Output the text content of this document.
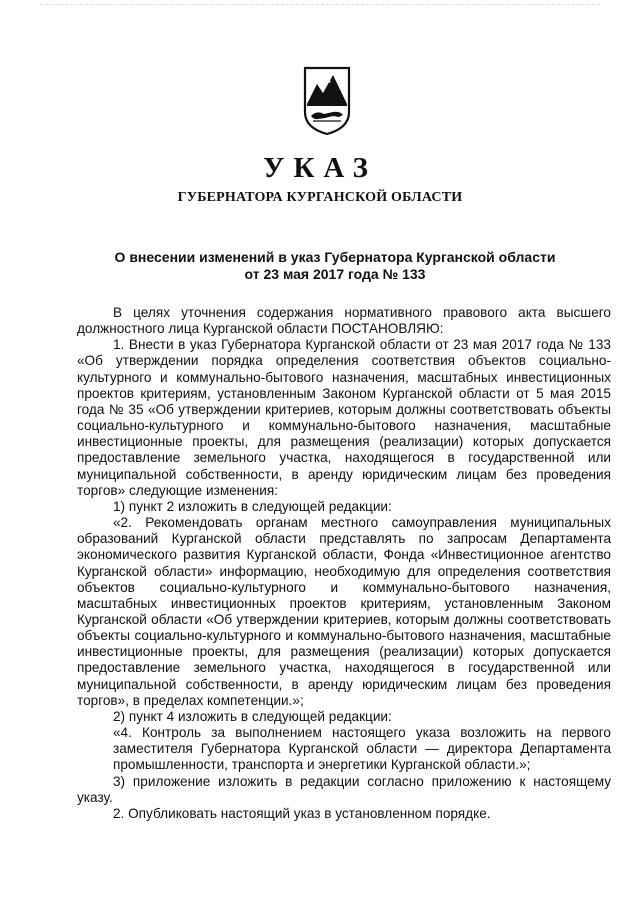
УКАЗ
ГУБЕРНАТОРА КУРГАНСКОЙ ОБЛАСТИ
О внесении изменений в указ Губернатора Курганской области
от 23 мая 2017 года № 133

В целях уточнения содержания нормативного правового акта высшего должностного лица Курганской области ПОСТАНОВЛЯЮ:

1. Внести в указ Губернатора Курганской области от 23 мая 2017 года № 133 «Об утверждении порядка определения соответствия объектов социально-культурного и коммунально-бытового назначения, масштабных инвестиционных проектов критериям, установленным Законом Курганской области от 5 мая 2015 года № 35 «Об утверждении критериев, которым должны соответствовать объекты социально-культурного и коммунально-бытового назначения, масштабные инвестиционные проекты, для размещения (реализации) которых допускается предоставление земельного участка, находящегося в государственной или муниципальной собственности, в аренду юридическим лицам без проведения торгов» следующие изменения:

1) пункт 2 изложить в следующей редакции:

«2. Рекомендовать органам местного самоуправления муниципальных образований Курганской области представлять по запросам Департамента экономического развития Курганской области, Фонда «Инвестиционное агентство Курганской области» информацию, необходимую для определения соответствия объектов социально-культурного и коммунально-бытового назначения, масштабных инвестиционных проектов критериям, установленным Законом Курганской области «Об утверждении критериев, которым должны соответствовать объекты социально-культурного и коммунально-бытового назначения, масштабные инвестиционные проекты, для размещения (реализации) которых допускается предоставление земельного участка, находящегося в государственной или муниципальной собственности, в аренду юридическим лицам без проведения торгов», в пределах компетенции.»;

2) пункт 4 изложить в следующей редакции:

«4. Контроль за выполнением настоящего указа возложить на первого заместителя Губернатора Курганской области — директора Департамента промышленности, транспорта и энергетики Курганской области.»;

3) приложение изложить в редакции согласно приложению к настоящему указу.

2. Опубликовать настоящий указ в установленном порядке.
